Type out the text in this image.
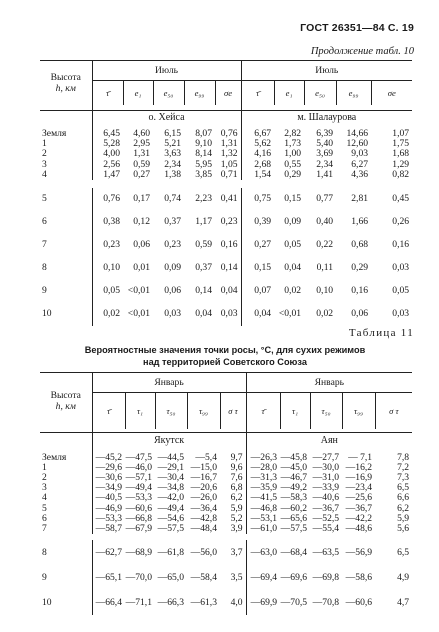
ГОСТ 26351—84 С. 19
Продолжение табл. 10
Высота
h, км	Июль					Июль				
	τ̄	e₁	e₅₀	e₉₉	σe	τ̄	e₁	e₅₀	e₉₉	σe
	о. Хейса					м. Шалаурова				
Земля	6,45	4,60	6,15	8,07	0,76	6,67	2,82	6,39	14,66	1,07
1	5,28	2,95	5,21	9,10	1,31	5,62	1,73	5,40	12,60	1,75
2	4,00	1,31	3,63	8,14	1,32	4,16	1,00	3,69	9,03	1,68
3	2,56	0,59	2,34	5,95	1,05	2,68	0,55	2,34	6,27	1,29
4	1,47	0,27	1,38	3,85	0,71	1,54	0,29	1,41	4,36	0,82

5	0,76	0,17	0,74	2,23	0,41	0,75	0,15	0,77	2,81	0,45
6	0,38	0,12	0,37	1,17	0,23	0,39	0,09	0,40	1,66	0,26
7	0,23	0,06	0,23	0,59	0,16	0,27	0,05	0,22	0,68	0,16
8	0,10	0,01	0,09	0,37	0,14	0,15	0,04	0,11	0,29	0,03
9	0,05	<0,01	0,06	0,14	0,04	0,07	0,02	0,10	0,16	0,05
10	0,02	<0,01	0,03	0,04	0,03	0,04	<0,01	0,02	0,06	0,03
Таблица 11
Вероятностные значения точки росы, °С, для сухих режимов
над территорией Советского Союза
Высота
h, км	Январь					Январь				
	τ̄	τ₁	τ₅₀	τ₉₉	σ τ	τ̄	τ₁	τ₅₀	τ₉₉	σ τ
	Якутск					Аян				
Земля	—45,2	—47,5	—44,5	—5,4	9,7	—26,3	—45,8	—27,7	— 7,1	7,8
1	—29,6	—46,0	—29,1	—15,0	9,6	—28,0	—45,0	—30,0	—16,2	7,2
2	—30,6	—57,1	—30,4	—16,7	7,6	—31,3	—46,7	—31,0	—16,9	7,3
3	—34,9	—49,4	—34,8	—20,6	6,8	—35,9	—49,2	—33,9	—23,4	6,5
4	—40,5	—53,3	—42,0	—26,0	6,2	—41,5	—58,3	—40,6	—25,6	6,6
5	—46,9	—60,6	—49,4	—36,4	5,9	—46,8	—60,2	—36,7	—36,7	6,2
6	—53,3	—66,8	—54,6	—42,8	5,2	—53,1	—65,6	—52,5	—42,2	5,9
7	—58,7	—67,9	—57,5	—48,4	3,9	—61,0	—57,5	—55,4	—48,6	5,6

8	—62,7	—68,9	—61,8	—56,0	3,7	—63,0	—68,4	—63,5	—56,9	6,5
9	—65,1	—70,0	—65,0	—58,4	3,5	—69,4	—69,6	—69,8	—58,6	4,9
10	—66,4	—71,1	—66,3	—61,3	4,0	—69,9	—70,5	—70,8	—60,6	4,7
